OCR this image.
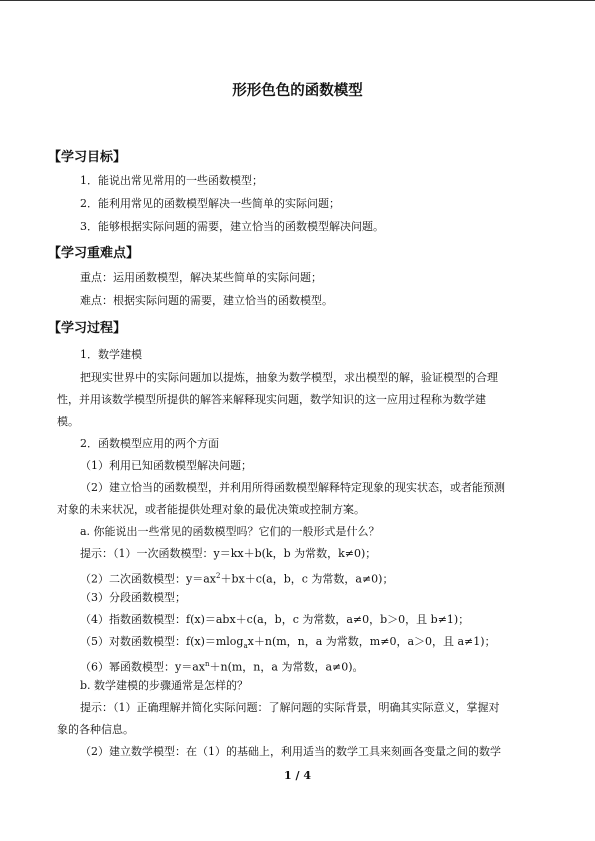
形形色色的函数模型
【学习目标】
1．能说出常见常用的一些函数模型；
2．能利用常见的函数模型解决一些简单的实际问题；
3．能够根据实际问题的需要，建立恰当的函数模型解决问题。
【学习重难点】
重点：运用函数模型，解决某些简单的实际问题；
难点：根据实际问题的需要，建立恰当的函数模型。
【学习过程】
1．数学建模
把现实世界中的实际问题加以提炼，抽象为数学模型，求出模型的解，验证模型的合理
性，并用该数学模型所提供的解答来解释现实问题，数学知识的这一应用过程称为数学建
模。
2．函数模型应用的两个方面
（1）利用已知函数模型解决问题；
（2）建立恰当的函数模型，并利用所得函数模型解释特定现象的现实状态，或者能预测
对象的未来状况，或者能提供处理对象的最优决策或控制方案。
a. 你能说出一些常见的函数模型吗？它们的一般形式是什么？
提示：（1）一次函数模型：y＝kx＋b(k，b 为常数，k≠0)；
（2）二次函数模型：$y=ax^2+bx+c(a$，b，c 为常数，a≠0)；
（3）分段函数模型；
（4）指数函数模型：f(x)＝abx＋c(a，b，c 为常数，a≠0，b＞0，且 b≠1)；
（5）对数函数模型：f(x)＝mlog$_a$x＋n(m，n，a 为常数，m≠0，a＞0，且 a≠1)；
（6）幂函数模型：$y=ax^n+n(m$，n，a 为常数，a≠0)。
b. 数学建模的步骤通常是怎样的？
提示：（1）正确理解并简化实际问题：了解问题的实际背景，明确其实际意义，掌握对
象的各种信息。
（2）建立数学模型：在（1）的基础上，利用适当的数学工具来刻画各变量之间的数学
1 / 4
